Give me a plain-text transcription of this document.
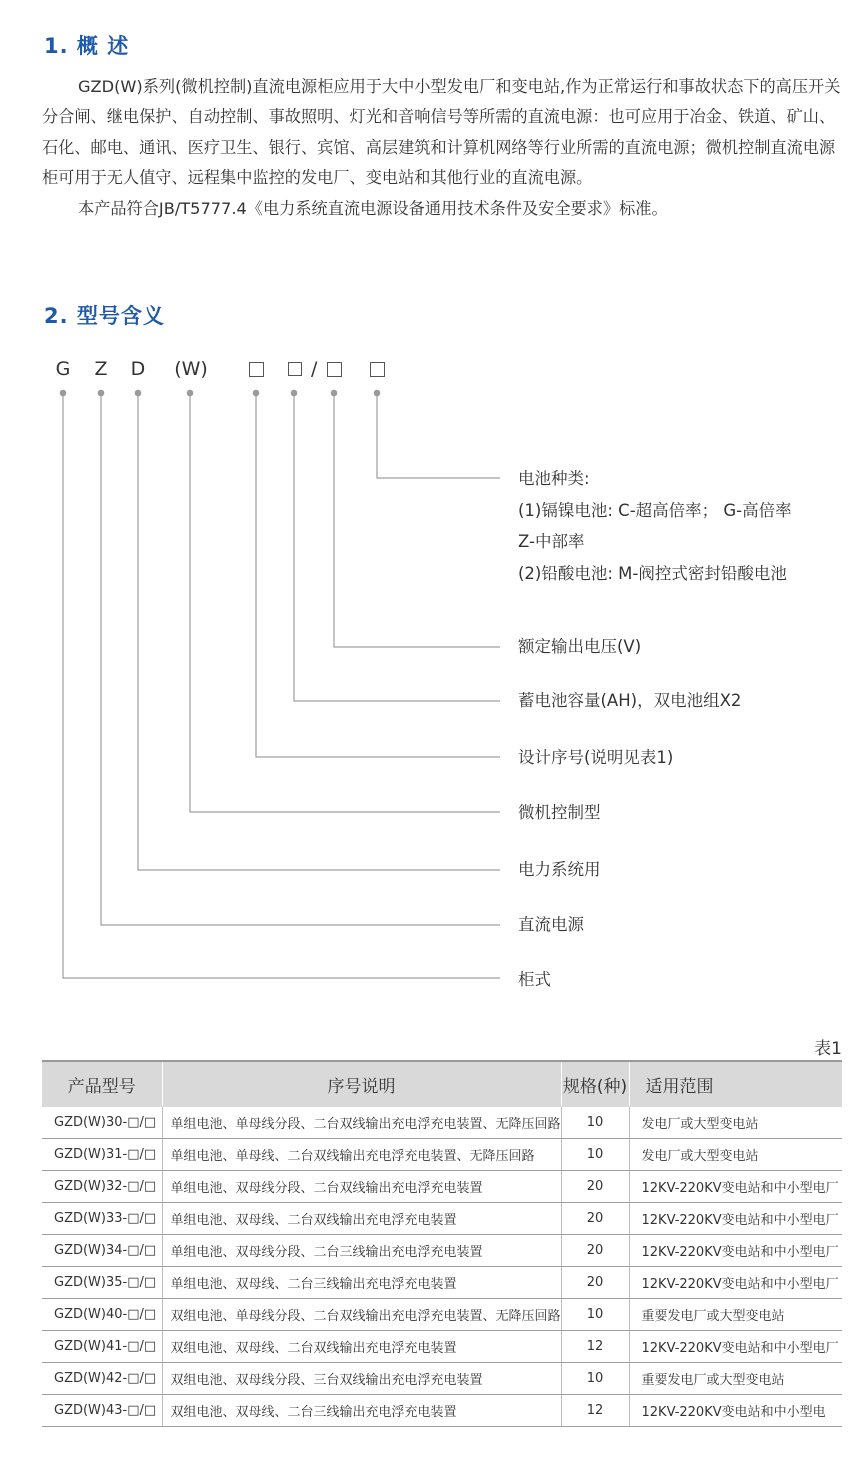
1. 概 述

GZD(W)系列(微机控制)直流电源柜应用于大中小型发电厂和变电站,作为正常运行和事故状态下的高压开关分合闸、继电保护、自动控制、事故照明、灯光和音响信号等所需的直流电源：也可应用于冶金、铁道、矿山、石化、邮电、通讯、医疗卫生、银行、宾馆、高层建筑和计算机网络等行业所需的直流电源；微机控制直流电源柜可用于无人值守、远程集中监控的发电厂、变电站和其他行业的直流电源。

本产品符合JB/T5777.4《电力系统直流电源设备通用技术条件及安全要求》标准。

2. 型号含义
G Z D (W)	/
电池种类:
(1)镉镍电池: C-超高倍率； G-高倍率
Z-中部率
(2)铅酸电池: M-阀控式密封铅酸电池
额定输出电压(V)
蓄电池容量(AH)，双电池组X2
设计序号(说明见表1)
微机控制型
电力系统用
直流电源
柜式
表1
产品型号	序号说明	规格(种)	适用范围
GZD(W)30-□/□	单组电池、单母线分段、二台双线输出充电浮充电装置、无降压回路	10	发电厂或大型变电站
GZD(W)31-□/□	单组电池、单母线、二台双线输出充电浮充电装置、无降压回路	10	发电厂或大型变电站
GZD(W)32-□/□	单组电池、双母线分段、二台双线输出充电浮充电装置	20	12KV-220KV变电站和中小型电厂
GZD(W)33-□/□	单组电池、双母线、二台双线输出充电浮充电装置	20	12KV-220KV变电站和中小型电厂
GZD(W)34-□/□	单组电池、双母线分段、二台三线输出充电浮充电装置	20	12KV-220KV变电站和中小型电厂
GZD(W)35-□/□	单组电池、双母线、二台三线输出充电浮充电装置	20	12KV-220KV变电站和中小型电厂
GZD(W)40-□/□	双组电池、单母线分段、二台双线输出充电浮充电装置、无降压回路	10	重要发电厂或大型变电站
GZD(W)41-□/□	双组电池、双母线、二台双线输出充电浮充电装置	12	12KV-220KV变电站和中小型电厂
GZD(W)42-□/□	双组电池、双母线分段、三台双线输出充电浮充电装置	10	重要发电厂或大型变电站
GZD(W)43-□/□	双组电池、双母线、二台三线输出充电浮充电装置	12	12KV-220KV变电站和中小型电
